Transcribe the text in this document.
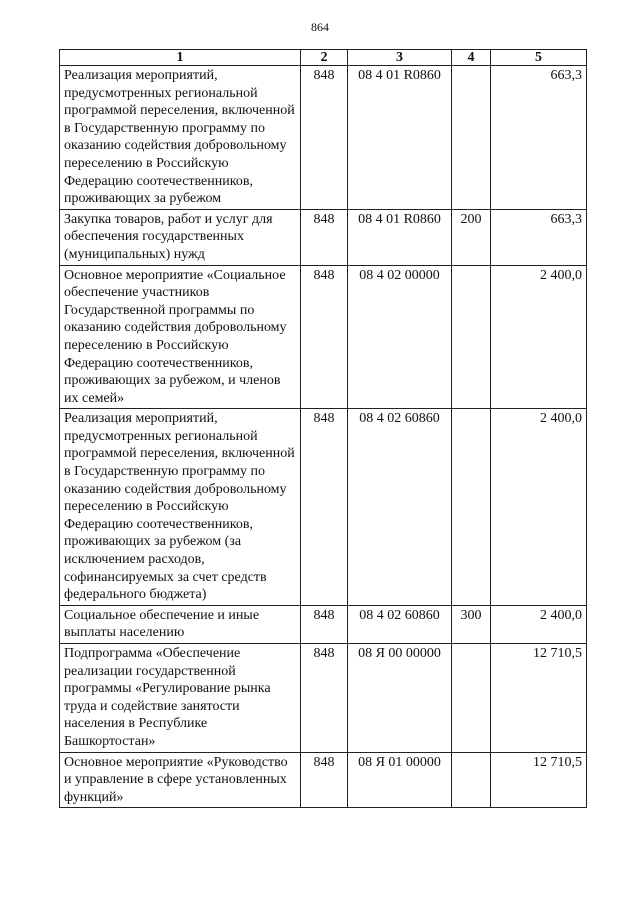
864
1	2	3	4	5
Реализация мероприятий, предусмотренных региональной программой переселения, включенной в Государственную программу по оказанию содействия добровольному переселению в Российскую Федерацию соотечественников, проживающих за рубежом	848	08 4 01 R0860		663,3
Закупка товаров, работ и услуг для обеспечения государственных (муниципальных) нужд	848	08 4 01 R0860	200	663,3
Основное мероприятие «Социальное обеспечение участников Государственной программы по оказанию содействия добровольному переселению в Российскую Федерацию соотечественников, проживающих за рубежом, и членов их семей»	848	08 4 02 00000		2 400,0
Реализация мероприятий, предусмотренных региональной программой переселения, включенной в Государственную программу по оказанию содействия добровольному переселению в Российскую Федерацию соотечественников, проживающих за рубежом (за исключением расходов, софинансируемых за счет средств федерального бюджета)	848	08 4 02 60860		2 400,0
Социальное обеспечение и иные выплаты населению	848	08 4 02 60860	300	2 400,0
Подпрограмма «Обеспечение реализации государственной программы «Регулирование рынка труда и содействие занятости населения в Республике Башкортостан»	848	08 Я 00 00000		12 710,5
Основное мероприятие «Руководство и управление в сфере установленных функций»	848	08 Я 01 00000		12 710,5
